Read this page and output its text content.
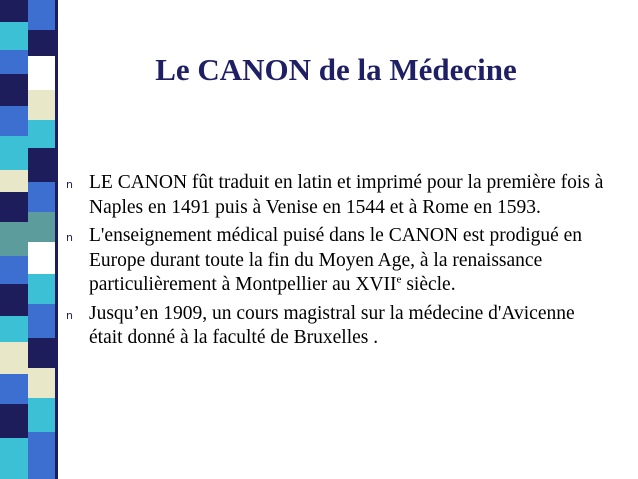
Le CANON de la Médecine
n LE CANON fût traduit en latin et imprimé pour la première fois à Naples en 1491 puis à Venise en 1544 et à Rome en 1593.
n L'enseignement médical puisé dans le CANON est prodigué en Europe durant toute la fin du Moyen Age, à la renaissance particulièrement à Montpellier au XVIIe siècle.
n Jusqu’en 1909, un cours magistral sur la médecine d'Avicenne était donné à la faculté de Bruxelles .
